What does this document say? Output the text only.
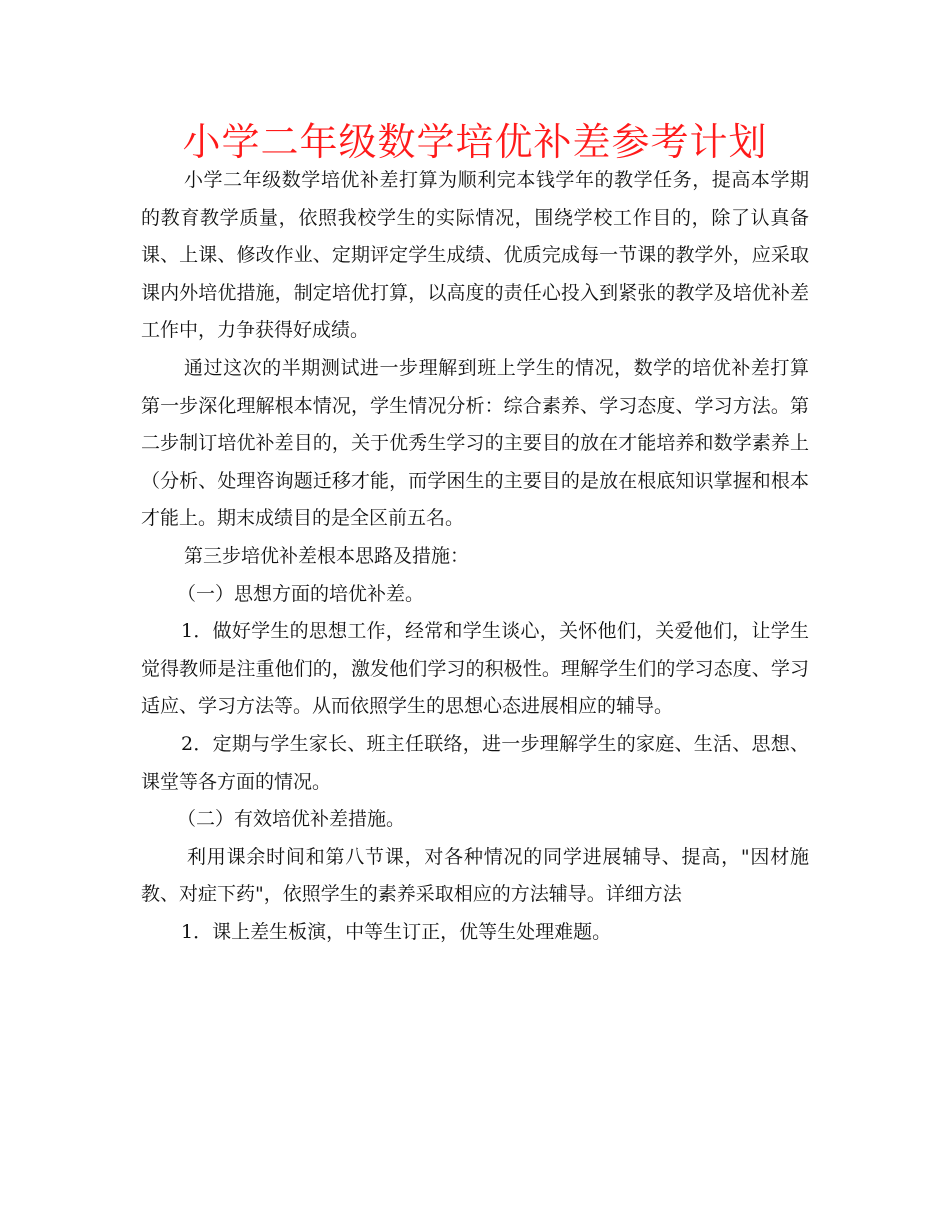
小学二年级数学培优补差参考计划

小学二年级数学培优补差打算为顺利完本钱学年的教学任务，提高本学期的教育教学质量，依照我校学生的实际情况，围绕学校工作目的，除了认真备课、上课、修改作业、定期评定学生成绩、优质完成每一节课的教学外，应采取课内外培优措施，制定培优打算，以高度的责任心投入到紧张的教学及培优补差工作中，力争获得好成绩。

通过这次的半期测试进一步理解到班上学生的情况，数学的培优补差打算第一步深化理解根本情况，学生情况分析：综合素养、学习态度、学习方法。第二步制订培优补差目的，关于优秀生学习的主要目的放在才能培养和数学素养上（分析、处理咨询题迁移才能，而学困生的主要目的是放在根底知识掌握和根本才能上。期末成绩目的是全区前五名。

第三步培优补差根本思路及措施：

（一）思想方面的培优补差。

1．做好学生的思想工作，经常和学生谈心，关怀他们，关爱他们，让学生觉得教师是注重他们的，激发他们学习的积极性。理解学生们的学习态度、学习适应、学习方法等。从而依照学生的思想心态进展相应的辅导。

2．定期与学生家长、班主任联络，进一步理解学生的家庭、生活、思想、课堂等各方面的情况。

（二）有效培优补差措施。

利用课余时间和第八节课，对各种情况的同学进展辅导、提高，"因材施教、对症下药"，依照学生的素养采取相应的方法辅导。详细方法

1．课上差生板演，中等生订正，优等生处理难题。
